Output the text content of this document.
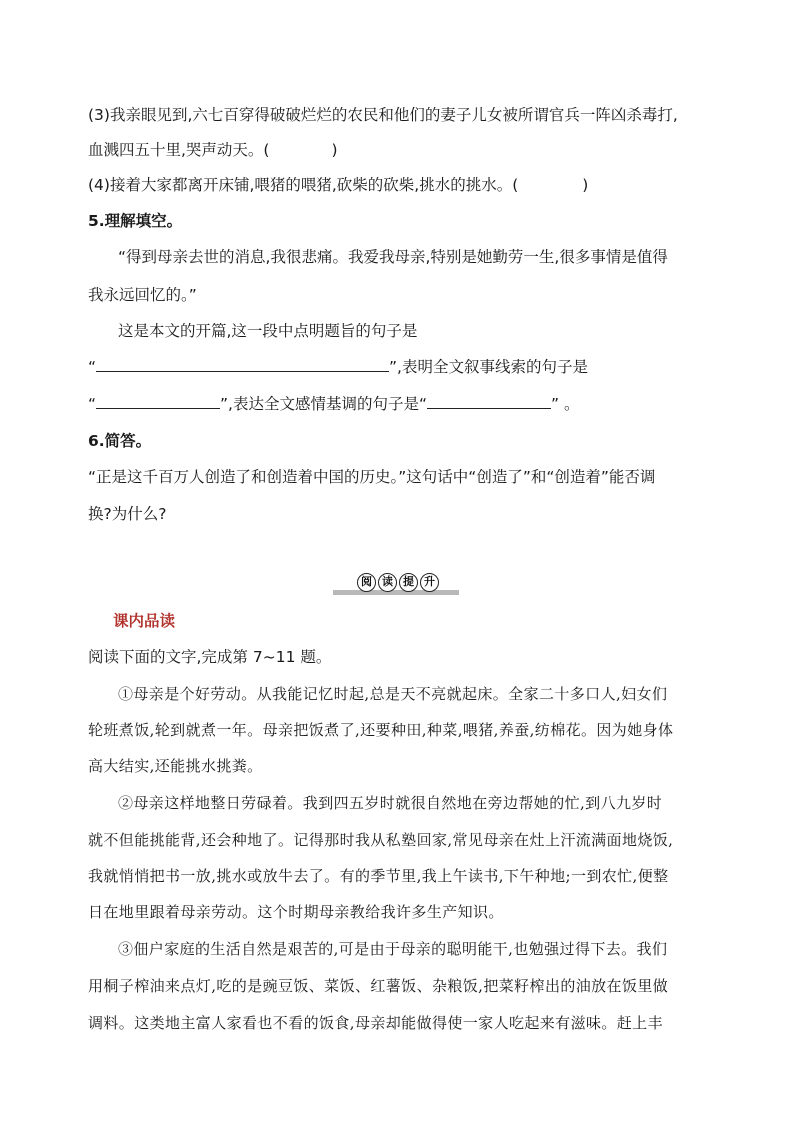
(3)我亲眼见到,六七百穿得破破烂烂的农民和他们的妻子儿女被所谓官兵一阵凶杀毒打,
血溅四五十里,哭声动天。(	)
(4)接着大家都离开床铺,喂猪的喂猪,砍柴的砍柴,挑水的挑水。(	)
5.理解填空。
“得到母亲去世的消息,我很悲痛。我爱我母亲,特别是她勤劳一生,很多事情是值得
我永远回忆的。”
这是本文的开篇,这一段中点明题旨的句子是
“	”,表明全文叙事线索的句子是
“	”,表达全文感情基调的句子是“	” 。
6.简答。
“正是这千百万人创造了和创造着中国的历史。”这句话中“创造了”和“创造着”能否调
换?为什么?
阅 读 提 升
课内品读
阅读下面的文字,完成第 7~11 题。
①母亲是个好劳动。从我能记忆时起,总是天不亮就起床。全家二十多口人,妇女们
轮班煮饭,轮到就煮一年。母亲把饭煮了,还要种田,种菜,喂猪,养蚕,纺棉花。因为她身体
高大结实,还能挑水挑粪。
②母亲这样地整日劳碌着。我到四五岁时就很自然地在旁边帮她的忙,到八九岁时
就不但能挑能背,还会种地了。记得那时我从私塾回家,常见母亲在灶上汗流满面地烧饭,
我就悄悄把书一放,挑水或放牛去了。有的季节里,我上午读书,下午种地;一到农忙,便整
日在地里跟着母亲劳动。这个时期母亲教给我许多生产知识。
③佃户家庭的生活自然是艰苦的,可是由于母亲的聪明能干,也勉强过得下去。我们
用桐子榨油来点灯,吃的是豌豆饭、菜饭、红薯饭、杂粮饭,把菜籽榨出的油放在饭里做
调料。这类地主富人家看也不看的饭食,母亲却能做得使一家人吃起来有滋味。赶上丰
